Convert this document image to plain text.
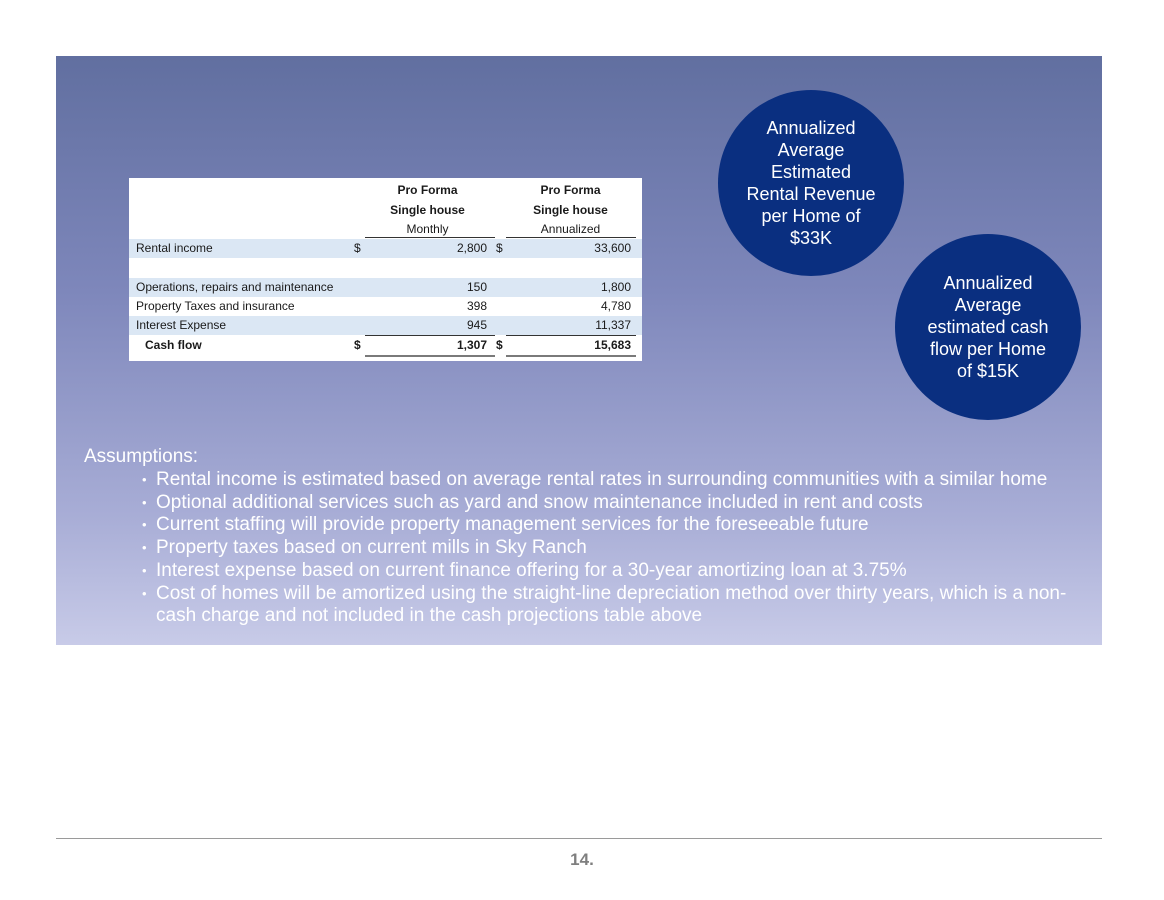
Pro Forma
Single house
Monthly
Pro Forma
Single house
Annualized
Rental income	$	2,800 $	33,600
Operations, repairs and maintenance	150	1,800
Property Taxes and insurance	398	4,780
Interest Expense	945	11,337
Cash flow	$	1,307 $	15,683
Annualized
Average
Estimated
Rental Revenue
per Home of
$33K
Annualized
Average
estimated cash
flow per Home
of $15K
Assumptions:
• Rental income is estimated based on average rental rates in surrounding communities with a similar home
• Optional additional services such as yard and snow maintenance included in rent and costs
• Current staffing will provide property management services for the foreseeable future
• Property taxes based on current mills in Sky Ranch
• Interest expense based on current finance offering for a 30-year amortizing loan at 3.75%
• Cost of homes will be amortized using the straight-line depreciation method over thirty years, which is a non-cash charge and not included in the cash projections table above
14.
